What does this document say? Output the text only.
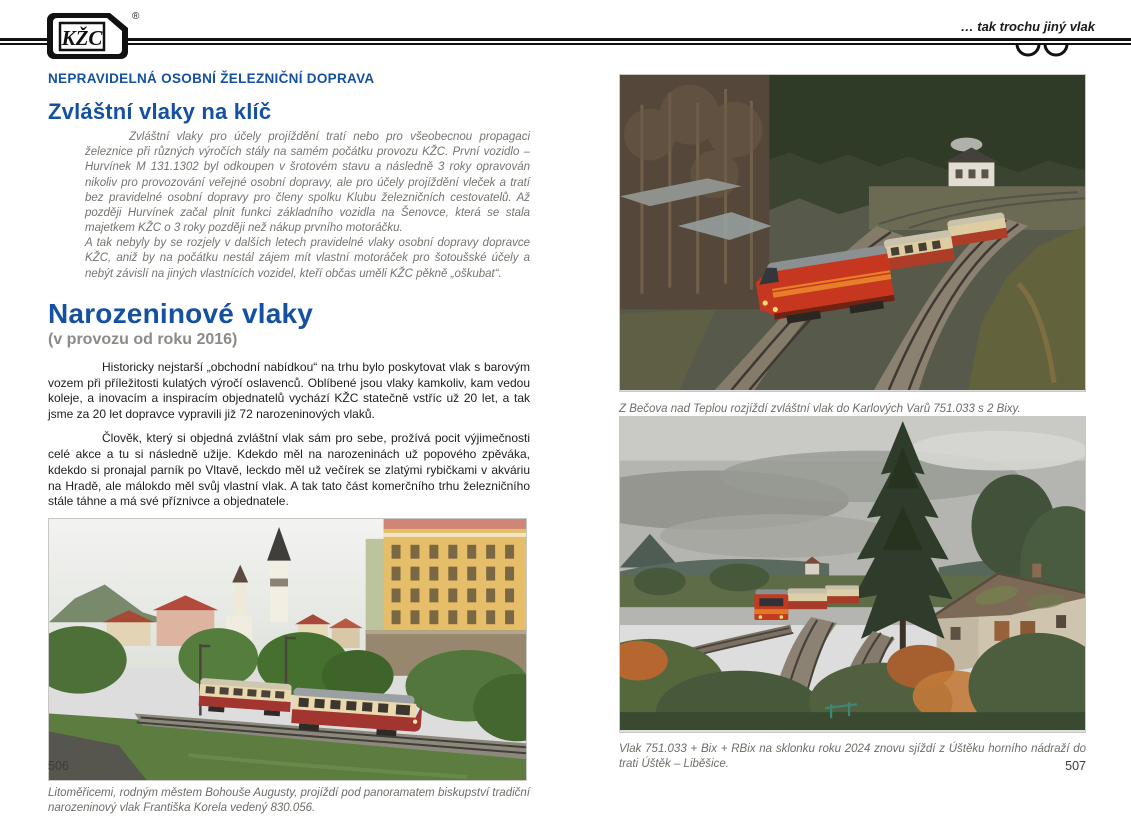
KŽC
®
… tak trochu jiný vlak

NEPRAVIDELNÁ OSOBNÍ ŽELEZNIČNÍ DOPRAVA

Zvláštní vlaky na klíč

Zvláštní vlaky pro účely projíždění tratí nebo pro všeobecnou propagaci železnice při různých výročích stály na samém počátku provozu KŽC. První vozidlo – Hurvínek M 131.1302 byl odkoupen v šrotovém stavu a následně 3 roky opravován nikoliv pro provozování veřejné osobní dopravy, ale pro účely projíždění vleček a tratí bez pravidelné osobní dopravy pro členy spolku Klubu železničních cestovatelů. Až později Hurvínek začal plnit funkci základního vozidla na Šenovce, která se stala majetkem KŽC o 3 roky později než nákup prvního motoráčku.

A tak nebyly by se rozjely v dalších letech pravidelné vlaky osobní dopravy dopravce KŽC, aniž by na počátku nestál zájem mít vlastní motoráček pro šotoušské účely a nebýt závislí na jiných vlastnících vozidel, kteří občas uměli KŽC pěkně „oškubat“.

Narozeninové vlaky

(v provozu od roku 2016)

Historicky nejstarší „obchodní nabídkou“ na trhu bylo poskytovat vlak s barovým vozem při příležitosti kulatých výročí oslavenců. Oblíbené jsou vlaky kamkoliv, kam vedou koleje, a inovacím a inspiracím objednatelů vychází KŽC statečně vstříc už 20 let, a tak jsme za 20 let dopravce vypravili již 72 narozeninových vlaků.

Člověk, který si objedná zvláštní vlak sám pro sebe, prožívá pocit výjimečnosti celé akce a tu si následně užije. Kdekdo měl na narozeninách už popového zpěváka, kdekdo si pronajal parník po Vltavě, leckdo měl už večírek se zlatými rybičkami v akváriu na Hradě, ale málokdo měl svůj vlastní vlak. A tak tato část komerčního trhu železničního stále táhne a má své příznivce a objednatele.

Litoměřicemi, rodným městem Bohouše Augusty, projíždí pod panoramatem biskupství tradiční narozeninový vlak Františka Korela vedený 830.056.

506

Z Bečova nad Teplou rozjíždí zvláštní vlak do Karlových Varů 751.033 s 2 Bixy.

Vlak 751.033 + Bix + RBix na sklonku roku 2024 znovu sjíždí z Úštěku horního nádraží do trati Úštěk – Liběšice.	507
